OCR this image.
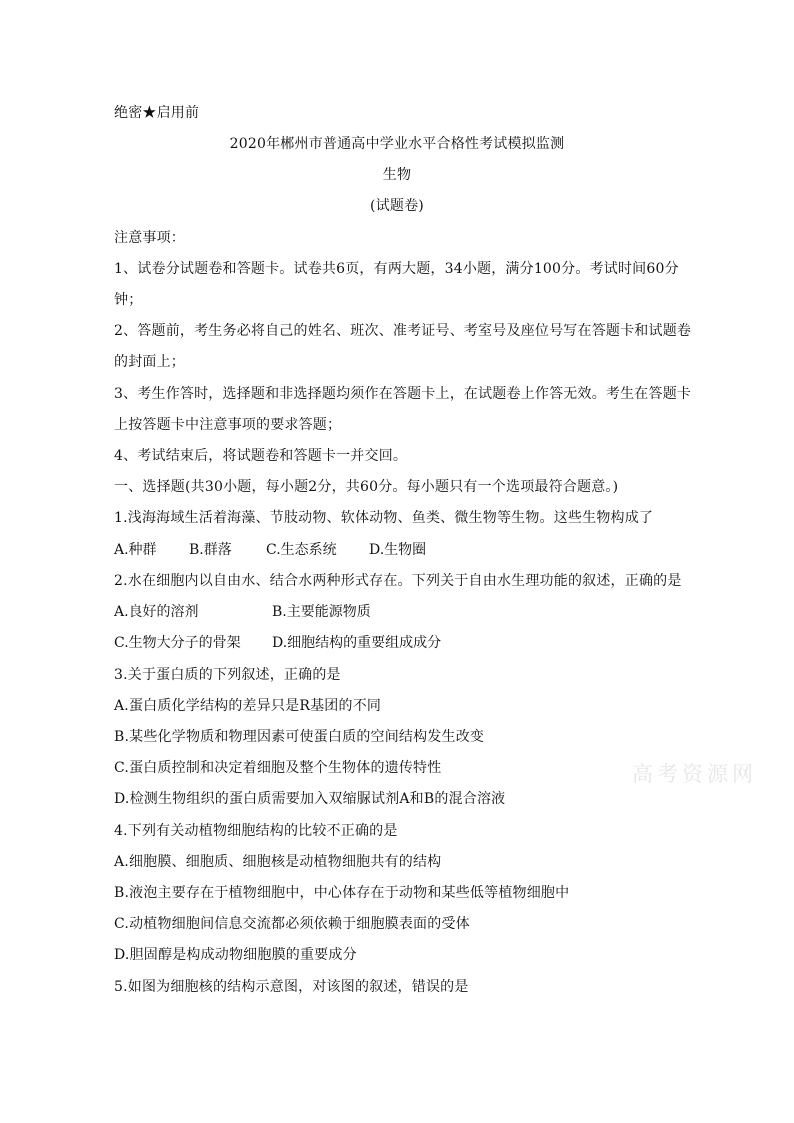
绝密★启用前
2020年郴州市普通高中学业水平合格性考试模拟监测
生物
(试题卷)
注意事项：
1、试卷分试题卷和答题卡。试卷共6页，有两大题，34小题，满分100分。考试时间60分
钟；
2、答题前，考生务必将自己的姓名、班次、准考证号、考室号及座位号写在答题卡和试题卷
的封面上；
3、考生作答时，选择题和非选择题均须作在答题卡上，在试题卷上作答无效。考生在答题卡
上按答题卡中注意事项的要求答题；
4、考试结束后，将试题卷和答题卡一并交回。
一、选择题(共30小题，每小题2分，共60分。每小题只有一个选项最符合题意。)
1.浅海海域生活着海藻、节肢动物、软体动物、鱼类、微生物等生物。这些生物构成了
A.种群 B.群落 C.生态系统 D.生物圈
2.水在细胞内以自由水、结合水两种形式存在。下列关于自由水生理功能的叙述，正确的是
A.良好的溶剂	B.主要能源物质
C.生物大分子的骨架 D.细胞结构的重要组成成分
3.关于蛋白质的下列叙述，正确的是
A.蛋白质化学结构的差异只是R基团的不同
B.某些化学物质和物理因素可使蛋白质的空间结构发生改变
C.蛋白质控制和决定着细胞及整个生物体的遗传特性
D.检测生物组织的蛋白质需要加入双缩脲试剂A和B的混合溶液
4.下列有关动植物细胞结构的比较不正确的是
A.细胞膜、细胞质、细胞核是动植物细胞共有的结构
B.液泡主要存在于植物细胞中，中心体存在于动物和某些低等植物细胞中
C.动植物细胞间信息交流都必须依赖于细胞膜表面的受体
D.胆固醇是构成动物细胞膜的重要成分
5.如图为细胞核的结构示意图，对该图的叙述，错误的是
高考资源网
